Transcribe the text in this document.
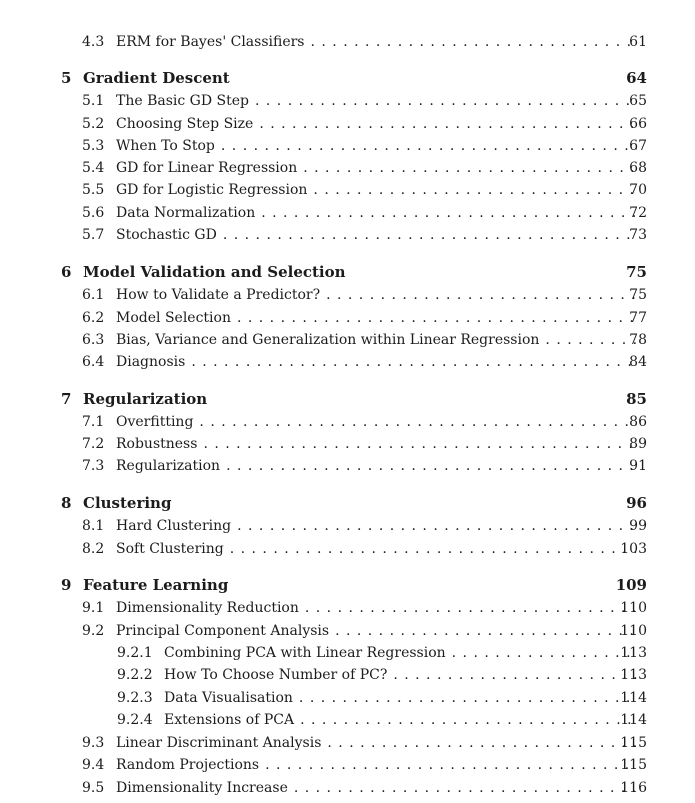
4.3 ERM for Bayes' Classifiers . . .	61
5 Gradient Descent	64
5.1 The Basic GD Step . . .	65
5.2 Choosing Step Size . . .	66
5.3 When To Stop . . .	67
5.4 GD for Linear Regression . . .	68
5.5 GD for Logistic Regression . . .	70
5.6 Data Normalization . . .	72
5.7 Stochastic GD . . .	73
6 Model Validation and Selection	75
6.1 How to Validate a Predictor? . . .	75
6.2 Model Selection . . .	77
6.3 Bias, Variance and Generalization within Linear Regression . . .	78
6.4 Diagnosis . . .	84
7 Regularization	85
7.1 Overfitting . . .	86
7.2 Robustness . . .	89
7.3 Regularization . . .	91
8 Clustering	96
8.1 Hard Clustering . . .	99
8.2 Soft Clustering . . .	103
9 Feature Learning	109
9.1 Dimensionality Reduction . . .	110
9.2 Principal Component Analysis . . .	110
9.2.1 Combining PCA with Linear Regression . . .	113
9.2.2 How To Choose Number of PC? . . .	113
9.2.3 Data Visualisation . . .	114
9.2.4 Extensions of PCA . . .	114
9.3 Linear Discriminant Analysis . . .	115
9.4 Random Projections . . .	115
9.5 Dimensionality Increase . . .	116
